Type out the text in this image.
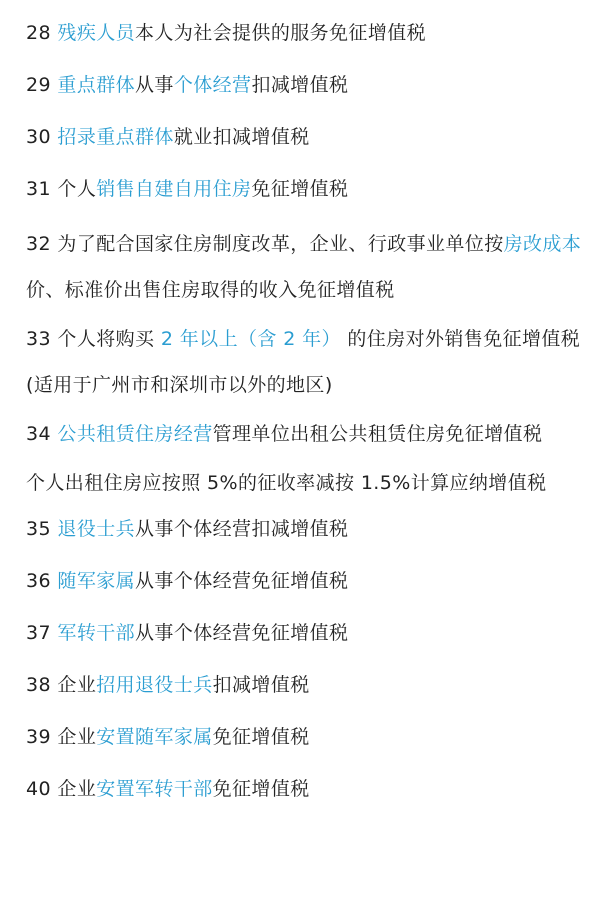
28 残疾人员本人为社会提供的服务免征增值税

29 重点群体从事个体经营扣减增值税

30 招录重点群体就业扣减增值税

31 个人销售自建自用住房免征增值税

32 为了配合国家住房制度改革，企业、行政事业单位按房改成本价、标准价出售住房取得的收入免征增值税

33 个人将购买 2 年以上（含 2 年） 的住房对外销售免征增值税(适用于广州市和深圳市以外的地区)

34 公共租赁住房经营管理单位出租公共租赁住房免征增值税

个人出租住房应按照 5%的征收率减按 1.5%计算应纳增值税

35 退役士兵从事个体经营扣减增值税

36 随军家属从事个体经营免征增值税

37 军转干部从事个体经营免征增值税

38 企业招用退役士兵扣减增值税

39 企业安置随军家属免征增值税

40 企业安置军转干部免征增值税
